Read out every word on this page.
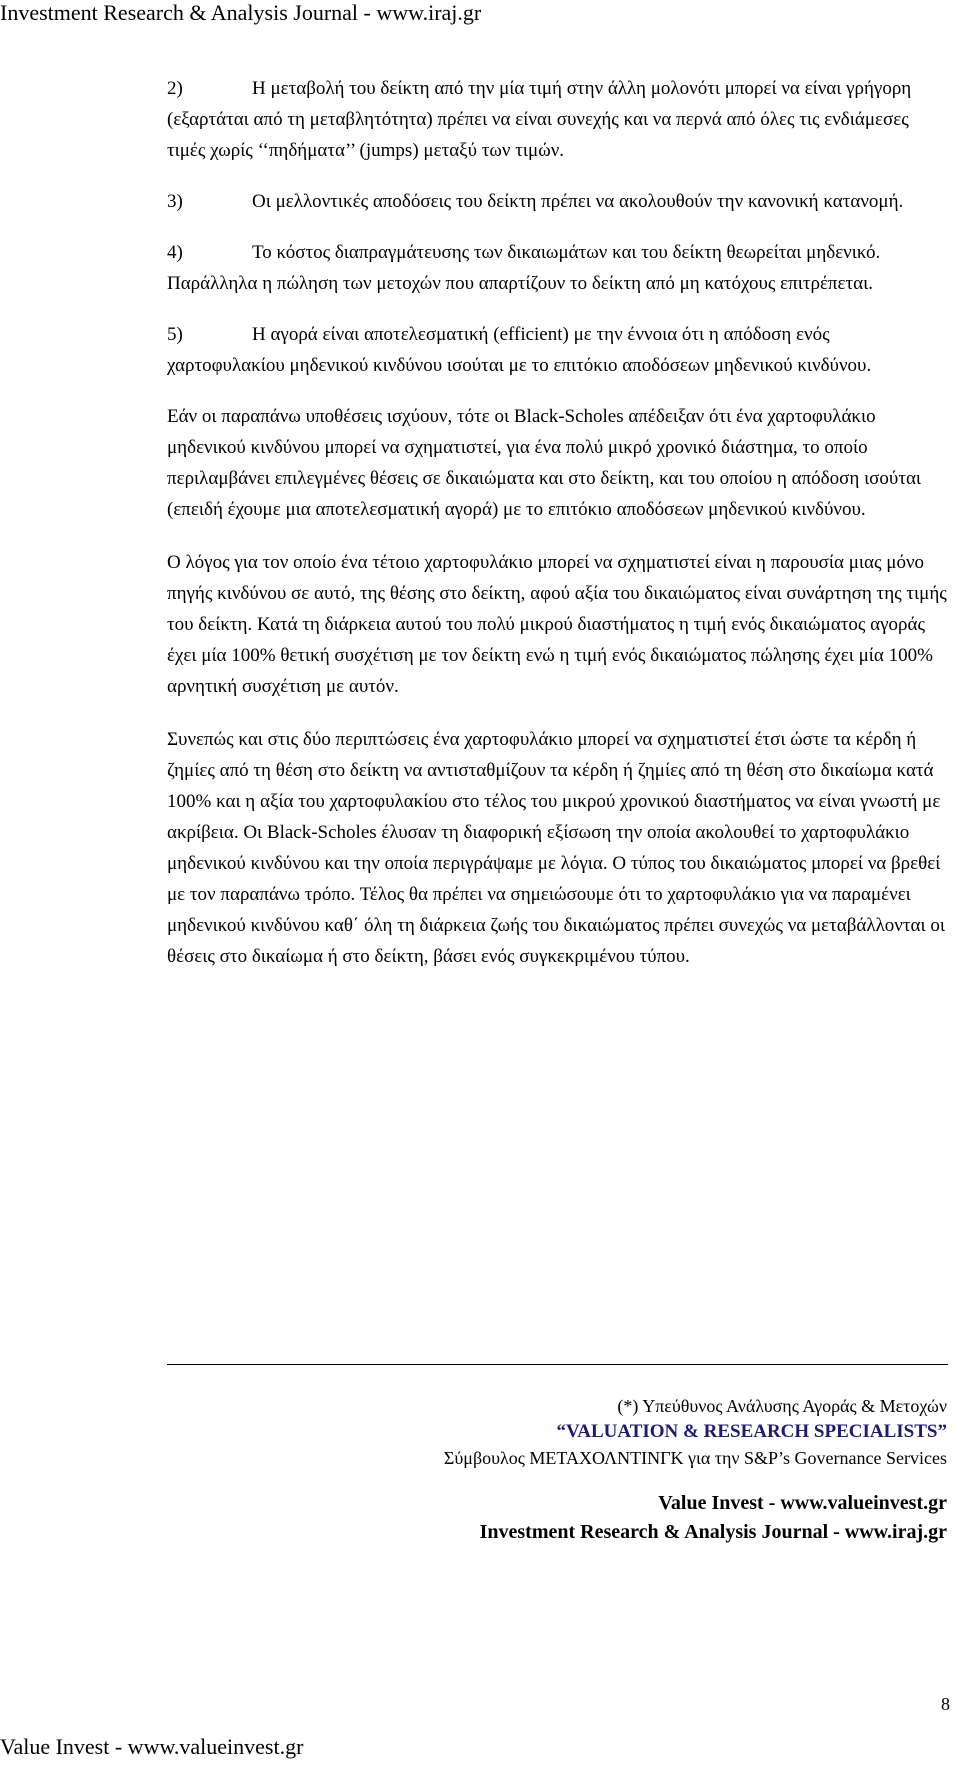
Investment Research & Analysis Journal - www.iraj.gr
2)	Η μεταβολή του δείκτη από την μία τιμή στην άλλη μολονότι μπορεί να είναι γρήγορη (εξαρτάται από τη μεταβλητότητα) πρέπει να είναι συνεχής και να περνά από όλες τις ενδιάμεσες τιμές χωρίς ‘‘πηδήματα’’ (jumps) μεταξύ των τιμών.
3)	Οι μελλοντικές αποδόσεις του δείκτη πρέπει να ακολουθούν την κανονική κατανομή.
4)	Το κόστος διαπραγμάτευσης των δικαιωμάτων και του δείκτη θεωρείται μηδενικό. Παράλληλα η πώληση των μετοχών που απαρτίζουν το δείκτη από μη κατόχους επιτρέπεται.
5)	Η αγορά είναι αποτελεσματική (efficient) με την έννοια ότι η απόδοση ενός χαρτοφυλακίου μηδενικού κινδύνου ισούται με το επιτόκιο αποδόσεων μηδενικού κινδύνου.

Εάν οι παραπάνω υποθέσεις ισχύουν, τότε οι Black-Scholes απέδειξαν ότι ένα χαρτοφυλάκιο μηδενικού κινδύνου μπορεί να σχηματιστεί, για ένα πολύ μικρό χρονικό διάστημα, το οποίο περιλαμβάνει επιλεγμένες θέσεις σε δικαιώματα και στο δείκτη, και του οποίου η απόδοση ισούται (επειδή έχουμε μια αποτελεσματική αγορά) με το επιτόκιο αποδόσεων μηδενικού κινδύνου.

Ο λόγος για τον οποίο ένα τέτοιο χαρτοφυλάκιο μπορεί να σχηματιστεί είναι η παρουσία μιας μόνο πηγής κινδύνου σε αυτό, της θέσης στο δείκτη, αφού αξία του δικαιώματος είναι συνάρτηση της τιμής του δείκτη. Κατά τη διάρκεια αυτού του πολύ μικρού διαστήματος η τιμή ενός δικαιώματος αγοράς έχει μία 100% θετική συσχέτιση με τον δείκτη ενώ η τιμή ενός δικαιώματος πώλησης έχει μία 100% αρνητική συσχέτιση με αυτόν.

Συνεπώς και στις δύο περιπτώσεις ένα χαρτοφυλάκιο μπορεί να σχηματιστεί έτσι ώστε τα κέρδη ή ζημίες από τη θέση στο δείκτη να αντισταθμίζουν τα κέρδη ή ζημίες από τη θέση στο δικαίωμα κατά 100% και η αξία του χαρτοφυλακίου στο τέλος του μικρού χρονικού διαστήματος να είναι γνωστή με ακρίβεια. Οι Black-Scholes έλυσαν τη διαφορική εξίσωση την οποία ακολουθεί το χαρτοφυλάκιο μηδενικού κινδύνου και την οποία περιγράψαμε με λόγια. Ο τύπος του δικαιώματος μπορεί να βρεθεί με τον παραπάνω τρόπο. Τέλος θα πρέπει να σημειώσουμε ότι το χαρτοφυλάκιο για να παραμένει μηδενικού κινδύνου καθ΄ όλη τη διάρκεια ζωής του δικαιώματος πρέπει συνεχώς να μεταβάλλονται οι θέσεις στο δικαίωμα ή στο δείκτη, βάσει ενός συγκεκριμένου τύπου.

(*) Υπεύθυνος Ανάλυσης Αγοράς & Μετοχών
“VALUATION & RESEARCH SPECIALISTS”
Σύμβουλος ΜΕΤΑΧΟΛΝΤΙΝΓΚ για την S&P’s Governance Services
Value Invest - www.valueinvest.gr
Investment Research & Analysis Journal - www.iraj.gr
8
Value Invest - www.valueinvest.gr
